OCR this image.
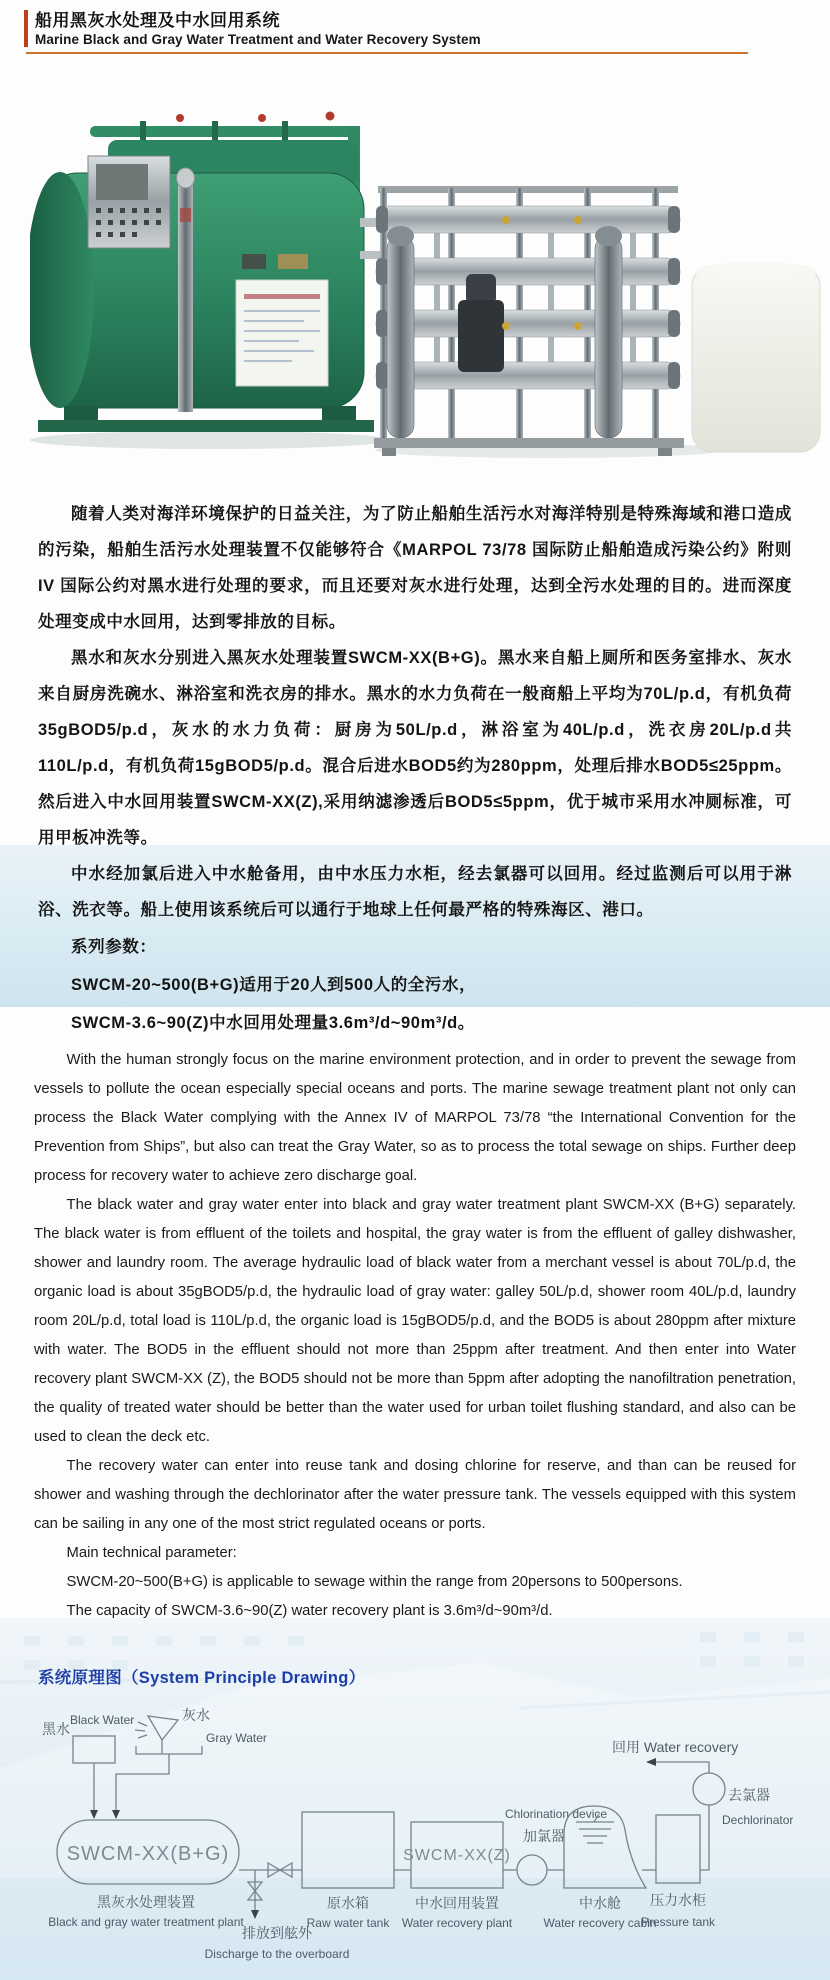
船用黑灰水处理及中水回用系统
Marine Black and Gray Water Treatment and Water Recovery System

随着人类对海洋环境保护的日益关注，为了防止船舶生活污水对海洋特别是特殊海域和港口造成的污染，船舶生活污水处理装置不仅能够符合《MARPOL 73/78 国际防止船舶造成污染公约》附则IV 国际公约对黑水进行处理的要求，而且还要对灰水进行处理，达到全污水处理的目的。进而深度处理变成中水回用，达到零排放的目标。

黑水和灰水分别进入黑灰水处理装置SWCM-XX(B+G)。黑水来自船上厕所和医务室排水、灰水来自厨房洗碗水、淋浴室和洗衣房的排水。黑水的水力负荷在一般商船上平均为70L/p.d，有机负荷35gBOD5/p.d，灰水的水力负荷：厨房为50L/p.d，淋浴室为40L/p.d，洗衣房20L/p.d共110L/p.d，有机负荷15gBOD5/p.d。混合后进水BOD5约为280ppm，处理后排水BOD5≤25ppm。然后进入中水回用装置SWCM-XX(Z),采用纳滤渗透后BOD5≤5ppm，优于城市采用水冲厕标准，可用甲板冲洗等。

中水经加氯后进入中水舱备用，由中水压力水柜，经去氯器可以回用。经过监测后可以用于淋浴、洗衣等。船上使用该系统后可以通行于地球上任何最严格的特殊海区、港口。

系列参数：

SWCM-20~500(B+G)适用于20人到500人的全污水，

SWCM-3.6~90(Z)中水回用处理量3.6m³/d~90m³/d。

With the human strongly focus on the marine environment protection, and in order to prevent the sewage from vessels to pollute the ocean especially special oceans and ports. The marine sewage treatment plant not only can process the Black Water complying with the Annex IV of MARPOL 73/78 “the International Convention for the Prevention from Ships”, but also can treat the Gray Water, so as to process the total sewage on ships. Further deep process for recovery water to achieve zero discharge goal.

The black water and gray water enter into black and gray water treatment plant SWCM-XX (B+G) separately. The black water is from effluent of the toilets and hospital, the gray water is from the effluent of galley dishwasher, shower and laundry room. The average hydraulic load of black water from a merchant vessel is about 70L/p.d, the organic load is about 35gBOD5/p.d, the hydraulic load of gray water: galley 50L/p.d, shower room 40L/p.d, laundry room 20L/p.d, total load is 110L/p.d, the organic load is 15gBOD5/p.d, and the BOD5 is about 280ppm after mixture with water. The BOD5 in the effluent should not more than 25ppm after treatment. And then enter into Water recovery plant SWCM-XX (Z), the BOD5 should not be more than 5ppm after adopting the nanofiltration penetration, the quality of treated water should be better than the water used for urban toilet flushing standard, and also can be used to clean the deck etc.

The recovery water can enter into reuse tank and dosing chlorine for reserve, and than can be reused for shower and washing through the dechlorinator after the water pressure tank. The vessels equipped with this system can be sailing in any one of the most strict regulated oceans or ports.

Main technical parameter:

SWCM-20~500(B+G) is applicable to sewage within the range from 20persons to 500persons.

The capacity of SWCM-3.6~90(Z) water recovery plant is 3.6m³/d~90m³/d.

系统原理图（System Principle Drawing）
黑水
Black Water	灰水
Gray Water
SWCM-XX(B+G)
黑灰水处理装置
Black and gray water treatment plant
排放到舷外
Discharge to the overboard
原水箱
Raw water tank
SWCM-XX(Z)
中水回用装置
Water recovery plant
Chlorination device
加氯器
中水舱
Water recovery cabin
压力水柜
Pressure tank
去氯器
Dechlorinator
回用 Water recovery
